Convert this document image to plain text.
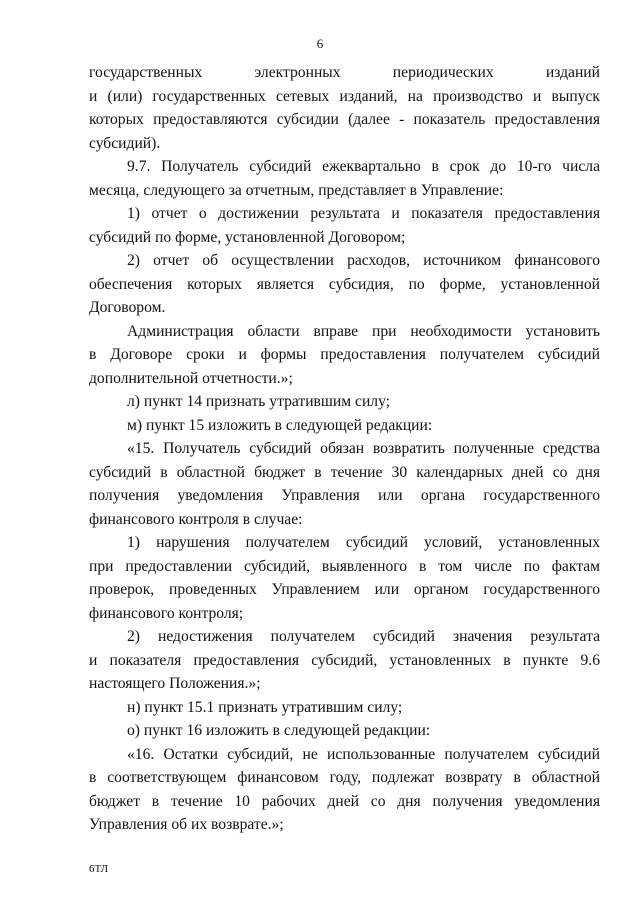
6
государственных электронных периодических изданий
и (или) государственных сетевых изданий, на производство и выпуск
которых предоставляются субсидии (далее - показатель предоставления
субсидий).
9.7. Получатель субсидий ежеквартально в срок до 10-го числа
месяца, следующего за отчетным, представляет в Управление:
1) отчет о достижении результата и показателя предоставления
субсидий по форме, установленной Договором;
2) отчет об осуществлении расходов, источником финансового
обеспечения которых является субсидия, по форме, установленной
Договором.
Администрация области вправе при необходимости установить
в Договоре сроки и формы предоставления получателем субсидий
дополнительной отчетности.»;
л) пункт 14 признать утратившим силу;
м) пункт 15 изложить в следующей редакции:
«15. Получатель субсидий обязан возвратить полученные средства
субсидий в областной бюджет в течение 30 календарных дней со дня
получения уведомления Управления или органа государственного
финансового контроля в случае:
1) нарушения получателем субсидий условий, установленных
при предоставлении субсидий, выявленного в том числе по фактам
проверок, проведенных Управлением или органом государственного
финансового контроля;
2) недостижения получателем субсидий значения результата
и показателя предоставления субсидий, установленных в пункте 9.6
настоящего Положения.»;
н) пункт 15.1 признать утратившим силу;
о) пункт 16 изложить в следующей редакции:
«16. Остатки субсидий, не использованные получателем субсидий
в соответствующем финансовом году, подлежат возврату в областной
бюджет в течение 10 рабочих дней со дня получения уведомления
Управления об их возврате.»;
6ТЛ
